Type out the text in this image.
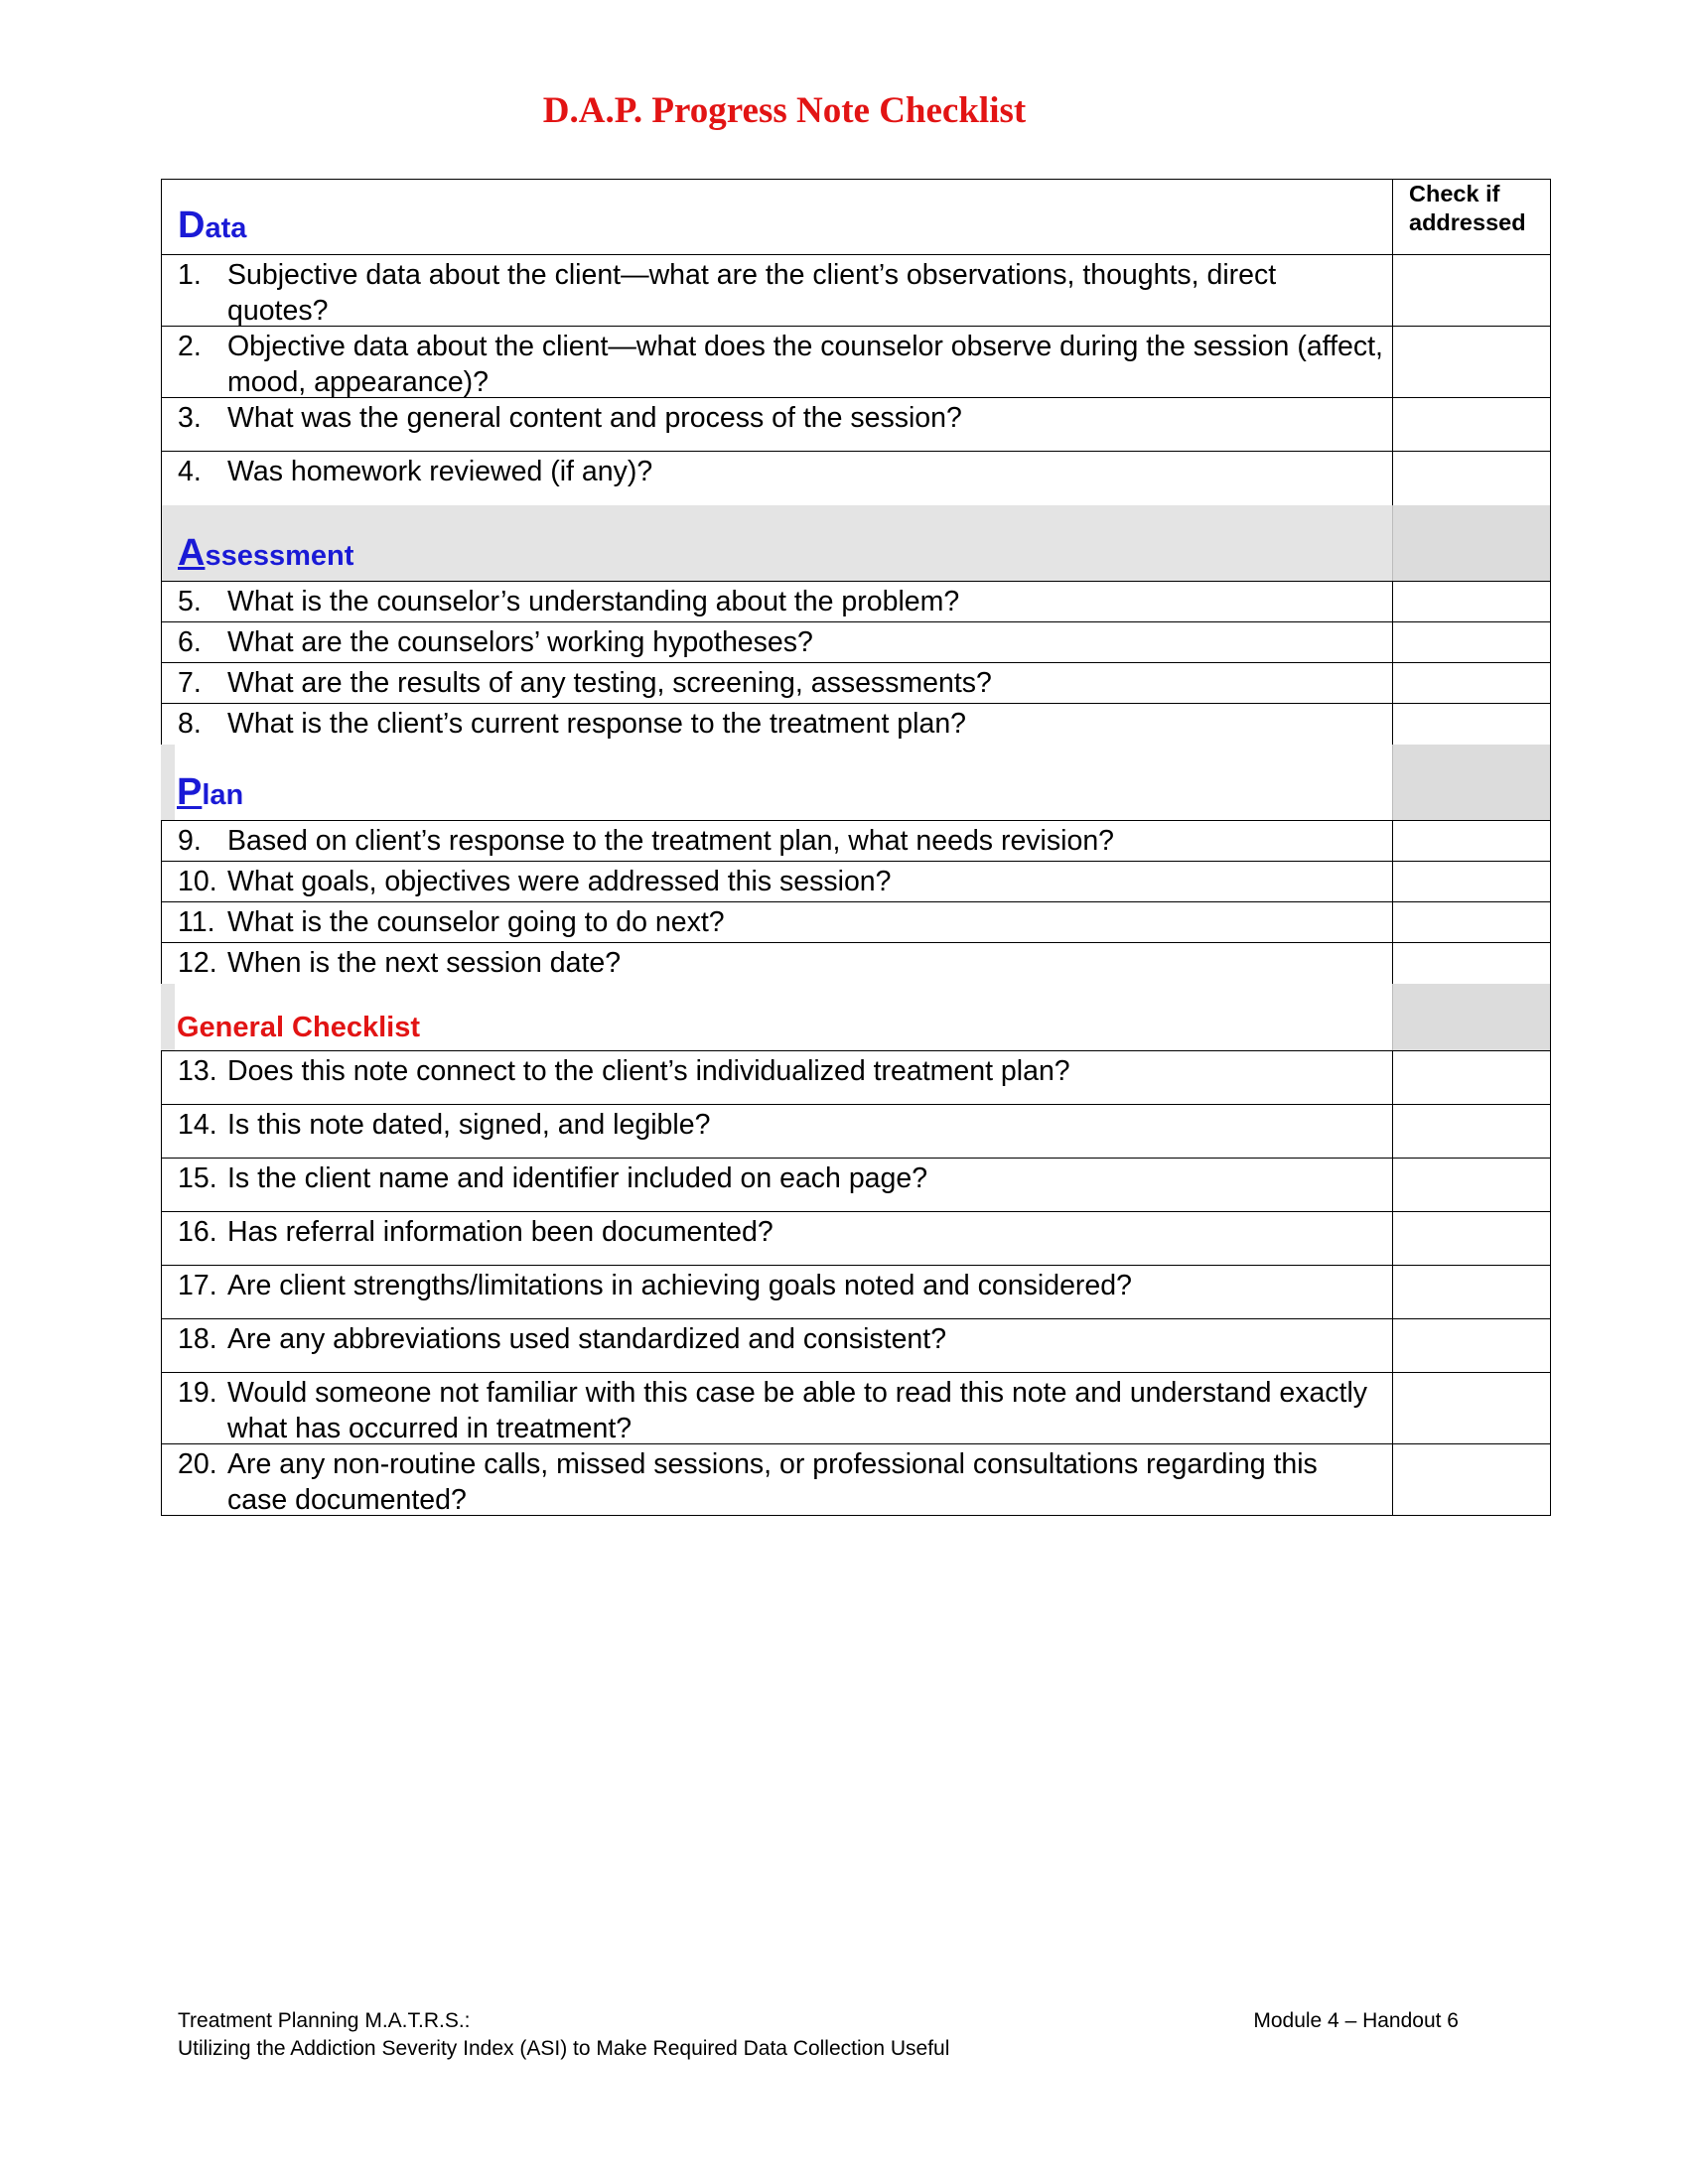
D.A.P. Progress Note Checklist
Data
Check if addressed
1. Subjective data about the client—what are the client’s observations, thoughts, direct quotes?
2. Objective data about the client—what does the counselor observe during the session (affect, mood, appearance)?
3. What was the general content and process of the session?
4. Was homework reviewed (if any)?
Assessment
5. What is the counselor’s understanding about the problem?
6. What are the counselors’ working hypotheses?
7. What are the results of any testing, screening, assessments?
8. What is the client’s current response to the treatment plan?
Plan
9. Based on client’s response to the treatment plan, what needs revision?
10. What goals, objectives were addressed this session?
11. What is the counselor going to do next?
12. When is the next session date?
General Checklist
13. Does this note connect to the client’s individualized treatment plan?
14. Is this note dated, signed, and legible?
15. Is the client name and identifier included on each page?
16. Has referral information been documented?
17. Are client strengths/limitations in achieving goals noted and considered?
18. Are any abbreviations used standardized and consistent?
19. Would someone not familiar with this case be able to read this note and understand exactly what has occurred in treatment?
20. Are any non-routine calls, missed sessions, or professional consultations regarding this case documented?
Treatment Planning M.A.T.R.S.:
Utilizing the Addiction Severity Index (ASI) to Make Required Data Collection Useful
Module 4 – Handout 6
